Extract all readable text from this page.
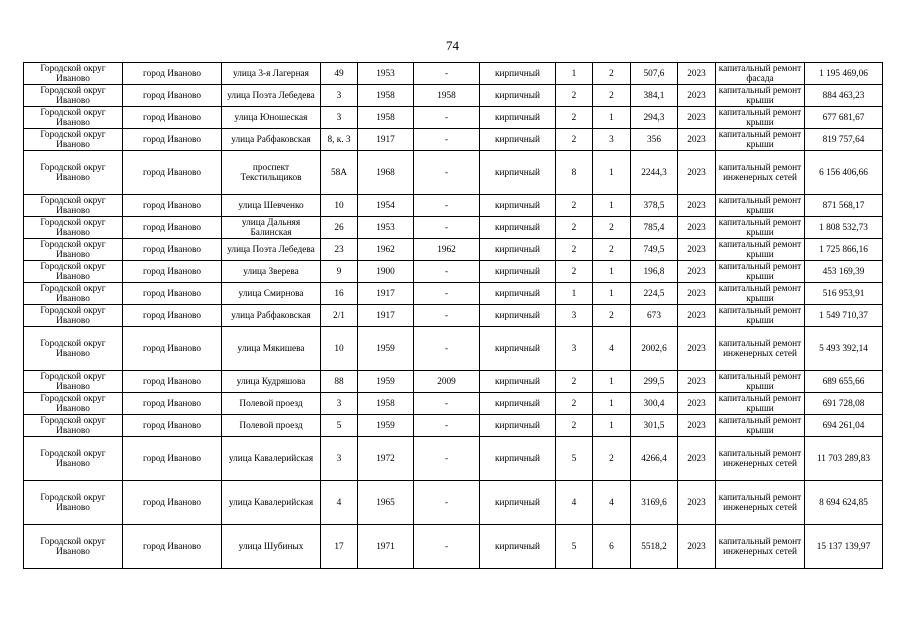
74
Городской округ Иваново	город Иваново	улица 3-я Лагерная	49	1953	-	кирпичный	1	2	507,6	2023	капитальный ремонт фасада	1 195 469,06
Городской округ Иваново	город Иваново	улица Поэта Лебедева	3	1958	1958	кирпичный	2	2	384,1	2023	капитальный ремонт крыши	884 463,23
Городской округ Иваново	город Иваново	улица Юношеская	3	1958	-	кирпичный	2	1	294,3	2023	капитальный ремонт крыши	677 681,67
Городской округ Иваново	город Иваново	улица Рабфаковская	8, к. 3	1917	-	кирпичный	2	3	356	2023	капитальный ремонт крыши	819 757,64
Городской округ Иваново	город Иваново	проспект Текстильщиков	58А	1968	-	кирпичный	8	1	2244,3	2023	капитальный ремонт инженерных сетей	6 156 406,66
Городской округ Иваново	город Иваново	улица Шевченко	10	1954	-	кирпичный	2	1	378,5	2023	капитальный ремонт крыши	871 568,17
Городской округ Иваново	город Иваново	улица Дальняя Балинская	26	1953	-	кирпичный	2	2	785,4	2023	капитальный ремонт крыши	1 808 532,73
Городской округ Иваново	город Иваново	улица Поэта Лебедева	23	1962	1962	кирпичный	2	2	749,5	2023	капитальный ремонт крыши	1 725 866,16
Городской округ Иваново	город Иваново	улица Зверева	9	1900	-	кирпичный	2	1	196,8	2023	капитальный ремонт крыши	453 169,39
Городской округ Иваново	город Иваново	улица Смирнова	16	1917	-	кирпичный	1	1	224,5	2023	капитальный ремонт крыши	516 953,91
Городской округ Иваново	город Иваново	улица Рабфаковская	2/1	1917	-	кирпичный	3	2	673	2023	капитальный ремонт крыши	1 549 710,37
Городской округ Иваново	город Иваново	улица Мякишева	10	1959	-	кирпичный	3	4	2002,6	2023	капитальный ремонт инженерных сетей	5 493 392,14
Городской округ Иваново	город Иваново	улица Кудряшова	88	1959	2009	кирпичный	2	1	299,5	2023	капитальный ремонт крыши	689 655,66
Городской округ Иваново	город Иваново	Полевой проезд	3	1958	-	кирпичный	2	1	300,4	2023	капитальный ремонт крыши	691 728,08
Городской округ Иваново	город Иваново	Полевой проезд	5	1959	-	кирпичный	2	1	301,5	2023	капитальный ремонт крыши	694 261,04
Городской округ Иваново	город Иваново	улица Кавалерийская	3	1972	-	кирпичный	5	2	4266,4	2023	капитальный ремонт инженерных сетей	11 703 289,83
Городской округ Иваново	город Иваново	улица Кавалерийская	4	1965	-	кирпичный	4	4	3169,6	2023	капитальный ремонт инженерных сетей	8 694 624,85
Городской округ Иваново	город Иваново	улица Шубиных	17	1971	-	кирпичный	5	6	5518,2	2023	капитальный ремонт инженерных сетей	15 137 139,97
